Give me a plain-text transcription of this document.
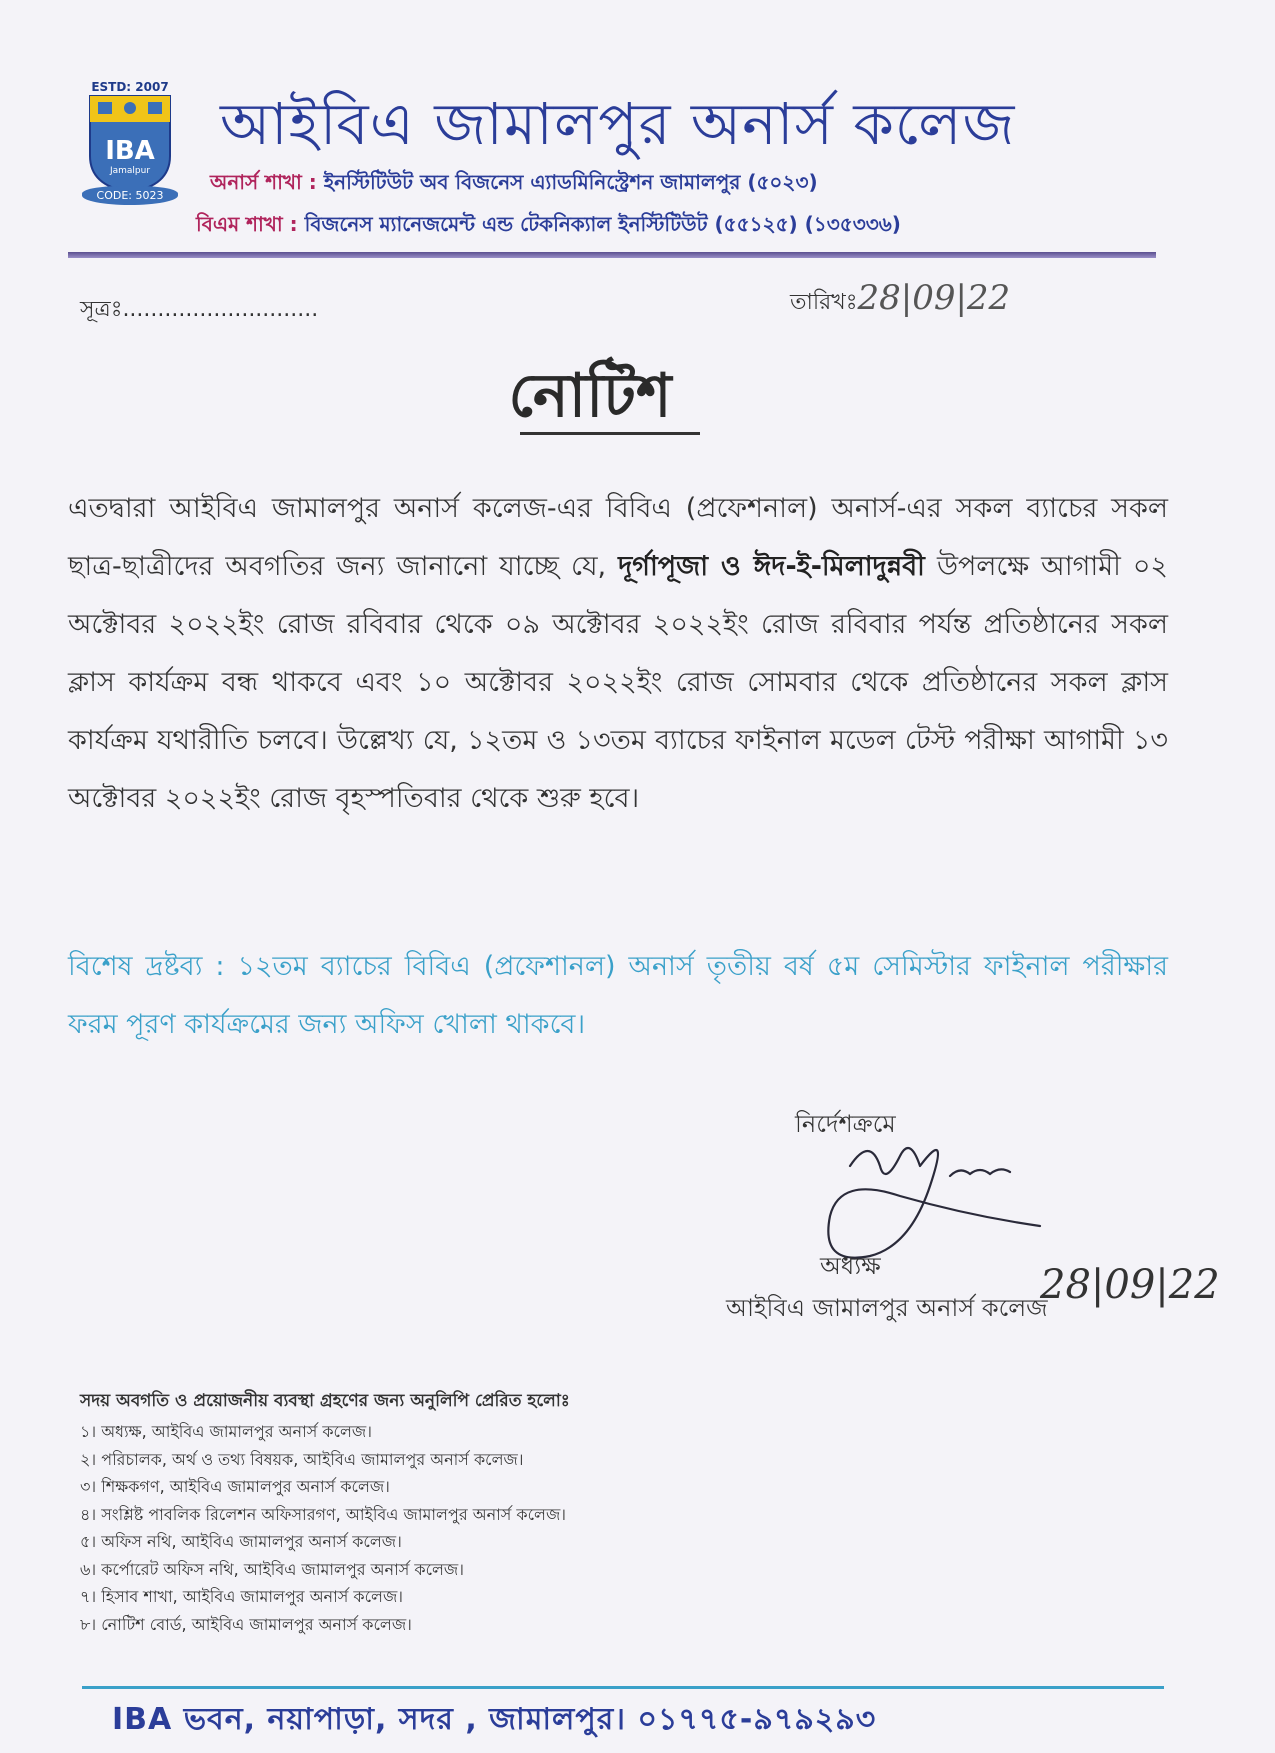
ESTD: 2007
IBA
Jamalpur
CODE: 5023
আইবিএ জামালপুর অনার্স কলেজ
অনার্স শাখা : ইনস্টিটিউট অব বিজনেস এ্যাডমিনিস্ট্রেশন জামালপুর (৫০২৩)
বিএম শাখা : বিজনেস ম্যানেজমেন্ট এন্ড টেকনিক্যাল ইনস্টিটিউট (৫৫১২৫) (১৩৫৩৩৬)
সূত্রঃ............................	তারিখঃ28|09|22
নোটিশ
এতদ্বারা আইবিএ জামালপুর অনার্স কলেজ-এর বিবিএ (প্রফেশনাল) অনার্স-এর সকল ব্যাচের সকল ছাত্র-ছাত্রীদের অবগতির জন্য জানানো যাচ্ছে যে, দূর্গাপূজা ও ঈদ-ই-মিলাদুন্নবী উপলক্ষে আগামী ০২ অক্টোবর ২০২২ইং রোজ রবিবার থেকে ০৯ অক্টোবর ২০২২ইং রোজ রবিবার পর্যন্ত প্রতিষ্ঠানের সকল ক্লাস কার্যক্রম বন্ধ থাকবে এবং ১০ অক্টোবর ২০২২ইং রোজ সোমবার থেকে প্রতিষ্ঠানের সকল ক্লাস কার্যক্রম যথারীতি চলবে। উল্লেখ্য যে, ১২তম ও ১৩তম ব্যাচের ফাইনাল মডেল টেস্ট পরীক্ষা আগামী ১৩ অক্টোবর ২০২২ইং রোজ বৃহস্পতিবার থেকে শুরু হবে।
বিশেষ দ্রষ্টব্য : ১২তম ব্যাচের বিবিএ (প্রফেশানল) অনার্স তৃতীয় বর্ষ ৫ম সেমিস্টার ফাইনাল পরীক্ষার ফরম পূরণ কার্যক্রমের জন্য অফিস খোলা থাকবে।
নির্দেশক্রমে
অধ্যক্ষ
আইবিএ জামালপুর অনার্স কলেজ
28|09|22
সদয় অবগতি ও প্রয়োজনীয় ব্যবস্থা গ্রহণের জন্য অনুলিপি প্রেরিত হলোঃ
১। অধ্যক্ষ, আইবিএ জামালপুর অনার্স কলেজ।
২। পরিচালক, অর্থ ও তথ্য বিষয়ক, আইবিএ জামালপুর অনার্স কলেজ।
৩। শিক্ষকগণ, আইবিএ জামালপুর অনার্স কলেজ।
৪। সংশ্লিষ্ট পাবলিক রিলেশন অফিসারগণ, আইবিএ জামালপুর অনার্স কলেজ।
৫। অফিস নথি, আইবিএ জামালপুর অনার্স কলেজ।
৬। কর্পোরেট অফিস নথি, আইবিএ জামালপুর অনার্স কলেজ।
৭। হিসাব শাখা, আইবিএ জামালপুর অনার্স কলেজ।
৮। নোটিশ বোর্ড, আইবিএ জামালপুর অনার্স কলেজ।
IBA ভবন, নয়াপাড়া, সদর , জামালপুর। ০১৭৭৫-৯৭৯২৯৩
